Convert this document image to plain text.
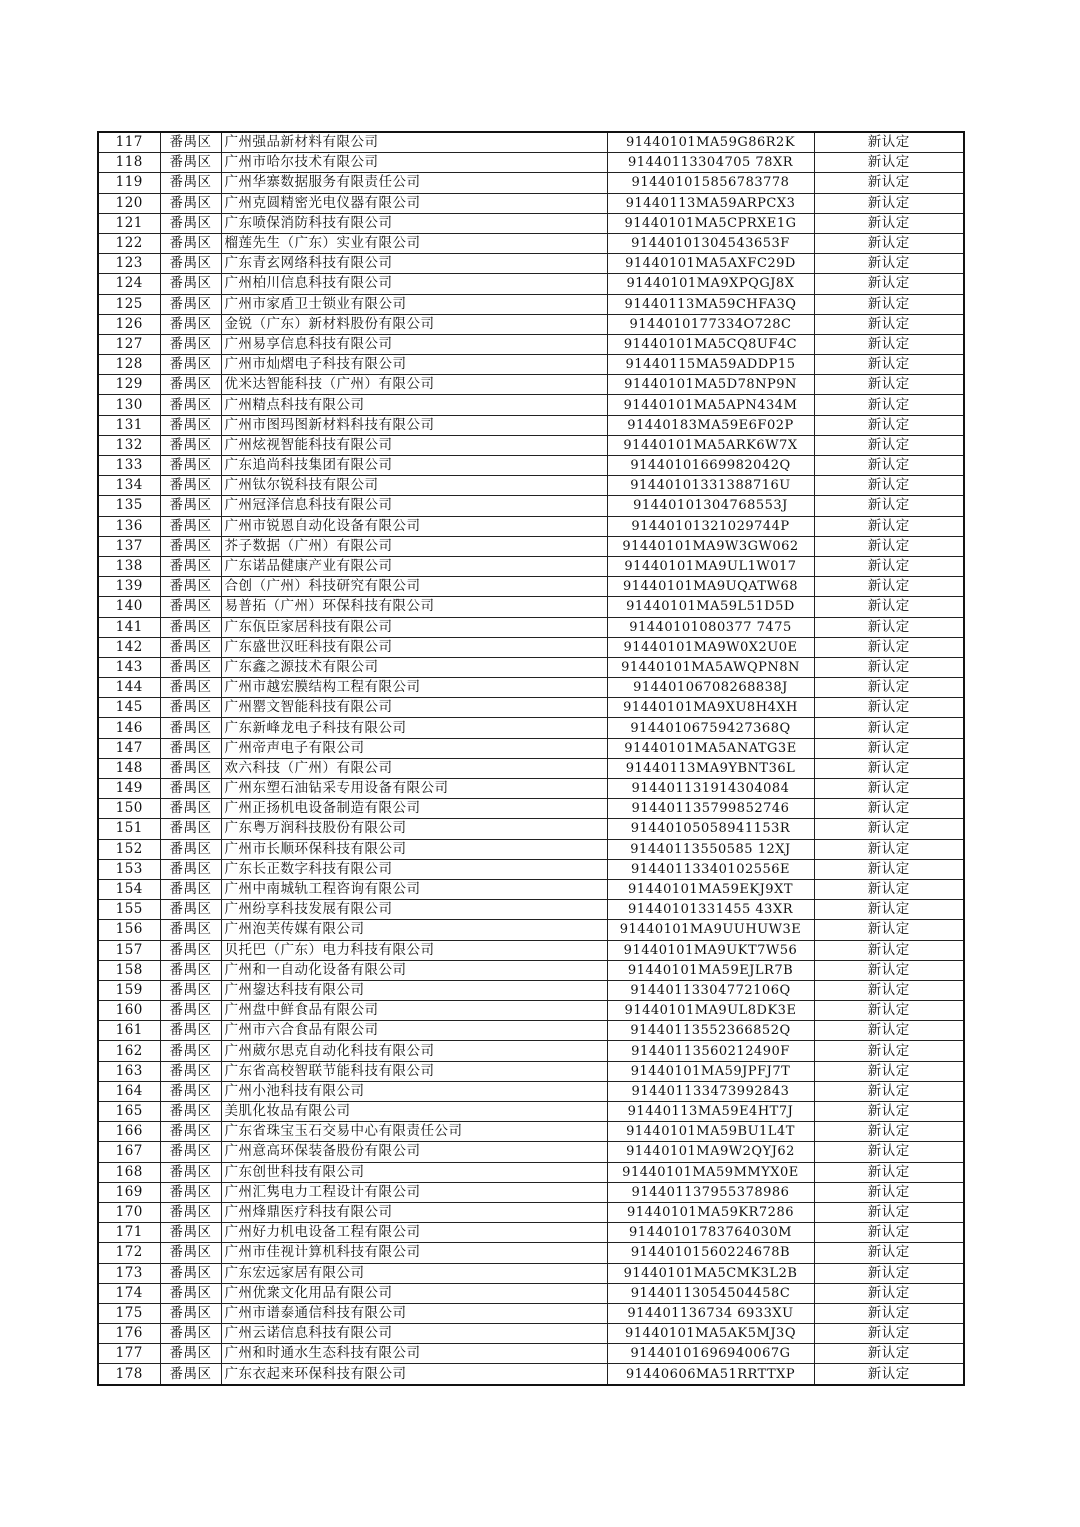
117	番禺区	广州强品新材料有限公司	91440101MA59G86R2K	新认定
118	番禺区	广州市哈尔技术有限公司	91440113304705 78XR	新认定
119	番禺区	广州华寨数据服务有限责任公司	914401015856783778	新认定
120	番禺区	广州克圆精密光电仪器有限公司	91440113MA59ARPCX3	新认定
121	番禺区	广东喷保消防科技有限公司	91440101MA5CPRXE1G	新认定
122	番禺区	榴莲先生（广东）实业有限公司	91440101304543653F	新认定
123	番禺区	广东青玄网络科技有限公司	91440101MA5AXFC29D	新认定
124	番禺区	广州柏川信息科技有限公司	91440101MA9XPQGJ8X	新认定
125	番禺区	广州市家盾卫士锁业有限公司	91440113MA59CHFA3Q	新认定
126	番禺区	金锐（广东）新材料股份有限公司	9144010177334O728C	新认定
127	番禺区	广州易享信息科技有限公司	91440101MA5CQ8UF4C	新认定
128	番禺区	广州市灿熠电子科技有限公司	91440115MA59ADDP15	新认定
129	番禺区	优米达智能科技（广州）有限公司	91440101MA5D78NP9N	新认定
130	番禺区	广州精点科技有限公司	91440101MA5APN434M	新认定
131	番禺区	广州市图玛图新材料科技有限公司	91440183MA59E6F02P	新认定
132	番禺区	广州炫视智能科技有限公司	91440101MA5ARK6W7X	新认定
133	番禺区	广东追尚科技集团有限公司	91440101669982042Q	新认定
134	番禺区	广州钛尔锐科技有限公司	91440101331388716U	新认定
135	番禺区	广州冠泽信息科技有限公司	91440101304768553J	新认定
136	番禺区	广州市锐恩自动化设备有限公司	91440101321029744P	新认定
137	番禺区	芥子数据（广州）有限公司	91440101MA9W3GW062	新认定
138	番禺区	广东诺品健康产业有限公司	91440101MA9UL1W017	新认定
139	番禺区	合创（广州）科技研究有限公司	91440101MA9UQATW68	新认定
140	番禺区	易普拓（广州）环保科技有限公司	91440101MA59L51D5D	新认定
141	番禺区	广东佤臣家居科技有限公司	91440101080377 7475	新认定
142	番禺区	广东盛世汉旺科技有限公司	91440101MA9W0X2U0E	新认定
143	番禺区	广东鑫之源技术有限公司	91440101MA5AWQPN8N	新认定
144	番禺区	广州市越宏膜结构工程有限公司	91440106708268838J	新认定
145	番禺区	广州罂文智能科技有限公司	91440101MA9XU8H4XH	新认定
146	番禺区	广东新峰龙电子科技有限公司	91440106759427368Q	新认定
147	番禺区	广州帝声电子有限公司	91440101MA5ANATG3E	新认定
148	番禺区	欢六科技（广州）有限公司	91440113MA9YBNT36L	新认定
149	番禺区	广州东塑石油钻采专用设备有限公司	914401131914304084	新认定
150	番禺区	广州正扬机电设备制造有限公司	914401135799852746	新认定
151	番禺区	广东粤万润科技股份有限公司	91440105058941153R	新认定
152	番禺区	广州市长顺环保科技有限公司	91440113550585 12XJ	新认定
153	番禺区	广东长正数字科技有限公司	91440113340102556E	新认定
154	番禺区	广州中南城轨工程咨询有限公司	91440101MA59EKJ9XT	新认定
155	番禺区	广州纷享科技发展有限公司	91440101331455 43XR	新认定
156	番禺区	广州泡芙传媒有限公司	91440101MA9UUHUW3E	新认定
157	番禺区	贝托巴（广东）电力科技有限公司	91440101MA9UKT7W56	新认定
158	番禺区	广州和一自动化设备有限公司	91440101MA59EJLR7B	新认定
159	番禺区	广州鋆达科技有限公司	91440113304772106Q	新认定
160	番禺区	广州盘中鲜食品有限公司	91440101MA9UL8DK3E	新认定
161	番禺区	广州市六合食品有限公司	91440113552366852Q	新认定
162	番禺区	广州葳尔思克自动化科技有限公司	91440113560212490F	新认定
163	番禺区	广东省高校智联节能科技有限公司	91440101MA59JPFJ7T	新认定
164	番禺区	广州小池科技有限公司	914401133473992843	新认定
165	番禺区	美肌化妆品有限公司	91440113MA59E4HT7J	新认定
166	番禺区	广东省珠宝玉石交易中心有限责任公司	91440101MA59BU1L4T	新认定
167	番禺区	广州意高环保装备股份有限公司	91440101MA9W2QYJ62	新认定
168	番禺区	广东创世科技有限公司	91440101MA59MMYX0E	新认定
169	番禺区	广州汇隽电力工程设计有限公司	914401137955378986	新认定
170	番禺区	广州烽鼎医疗科技有限公司	91440101MA59KR7286	新认定
171	番禺区	广州好力机电设备工程有限公司	91440101783764030M	新认定
172	番禺区	广州市佳视计算机科技有限公司	91440101560224678B	新认定
173	番禺区	广东宏远家居有限公司	91440101MA5CMK3L2B	新认定
174	番禺区	广州优衆文化用品有限公司	91440113054504458C	新认定
175	番禺区	广州市谱泰通信科技有限公司	914401136734 6933XU	新认定
176	番禺区	广州云诺信息科技有限公司	91440101MA5AK5MJ3Q	新认定
177	番禺区	广州和时通水生态科技有限公司	91440101696940067G	新认定
178	番禺区	广东衣起来环保科技有限公司	91440606MA51RRTTXP	新认定
